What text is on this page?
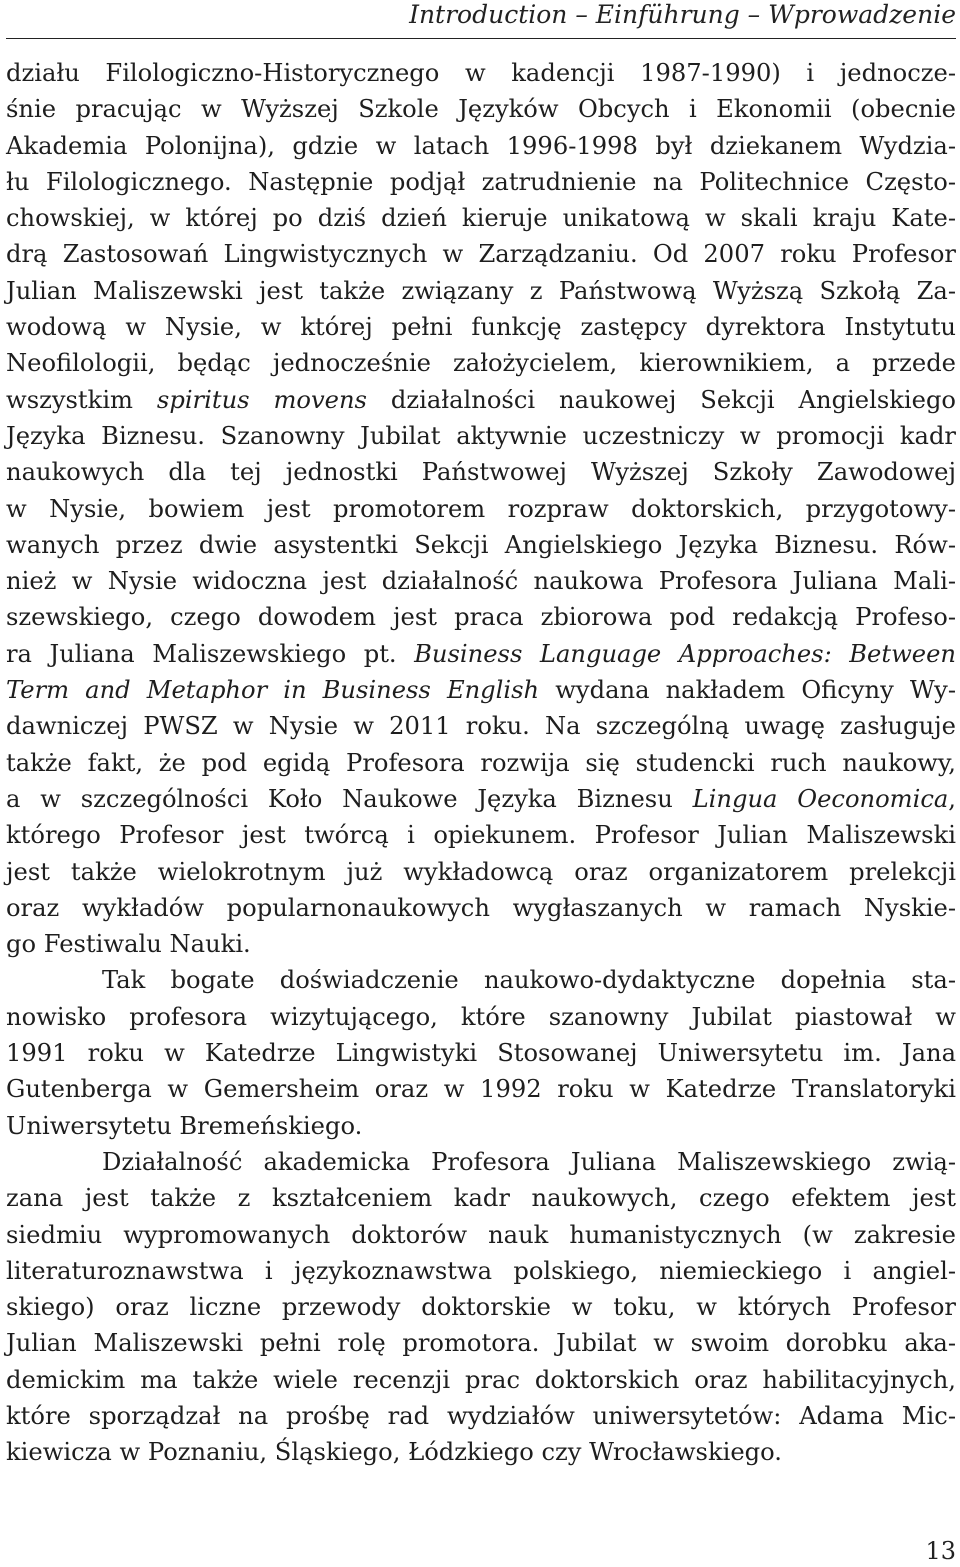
Introduction – Einführung – Wprowadzenie
działu Filologiczno-Historycznego w kadencji 1987-1990) i jednocze-
śnie pracując w Wyższej Szkole Języków Obcych i Ekonomii (obecnie
Akademia Polonijna), gdzie w latach 1996-1998 był dziekanem Wydzia-
łu Filologicznego. Następnie podjął zatrudnienie na Politechnice Często-
chowskiej, w której po dziś dzień kieruje unikatową w skali kraju Kate-
drą Zastosowań Lingwistycznych w Zarządzaniu. Od 2007 roku Profesor
Julian Maliszewski jest także związany z Państwową Wyższą Szkołą Za-
wodową w Nysie, w której pełni funkcję zastępcy dyrektora Instytutu
Neofilologii, będąc jednocześnie założycielem, kierownikiem, a przede
wszystkim spiritus movens działalności naukowej Sekcji Angielskiego
Języka Biznesu. Szanowny Jubilat aktywnie uczestniczy w promocji kadr
naukowych dla tej jednostki Państwowej Wyższej Szkoły Zawodowej
w Nysie, bowiem jest promotorem rozpraw doktorskich, przygotowy-
wanych przez dwie asystentki Sekcji Angielskiego Języka Biznesu. Rów-
nież w Nysie widoczna jest działalność naukowa Profesora Juliana Mali-
szewskiego, czego dowodem jest praca zbiorowa pod redakcją Profeso-
ra Juliana Maliszewskiego pt. Business Language Approaches: Between
Term and Metaphor in Business English wydana nakładem Oficyny Wy-
dawniczej PWSZ w Nysie w 2011 roku. Na szczególną uwagę zasługuje
także fakt, że pod egidą Profesora rozwija się studencki ruch naukowy,
a w szczególności Koło Naukowe Języka Biznesu Lingua Oeconomica,
którego Profesor jest twórcą i opiekunem. Profesor Julian Maliszewski
jest także wielokrotnym już wykładowcą oraz organizatorem prelekcji
oraz wykładów popularnonaukowych wygłaszanych w ramach Nyskie-
go Festiwalu Nauki.
Tak bogate doświadczenie naukowo-dydaktyczne dopełnia sta-
nowisko profesora wizytującego, które szanowny Jubilat piastował w
1991 roku w Katedrze Lingwistyki Stosowanej Uniwersytetu im. Jana
Gutenberga w Gemersheim oraz w 1992 roku w Katedrze Translatoryki
Uniwersytetu Bremeńskiego.
Działalność akademicka Profesora Juliana Maliszewskiego zwią-
zana jest także z kształceniem kadr naukowych, czego efektem jest
siedmiu wypromowanych doktorów nauk humanistycznych (w zakresie
literaturoznawstwa i językoznawstwa polskiego, niemieckiego i angiel-
skiego) oraz liczne przewody doktorskie w toku, w których Profesor
Julian Maliszewski pełni rolę promotora. Jubilat w swoim dorobku aka-
demickim ma także wiele recenzji prac doktorskich oraz habilitacyjnych,
które sporządzał na prośbę rad wydziałów uniwersytetów: Adama Mic-
kiewicza w Poznaniu, Śląskiego, Łódzkiego czy Wrocławskiego.
13
